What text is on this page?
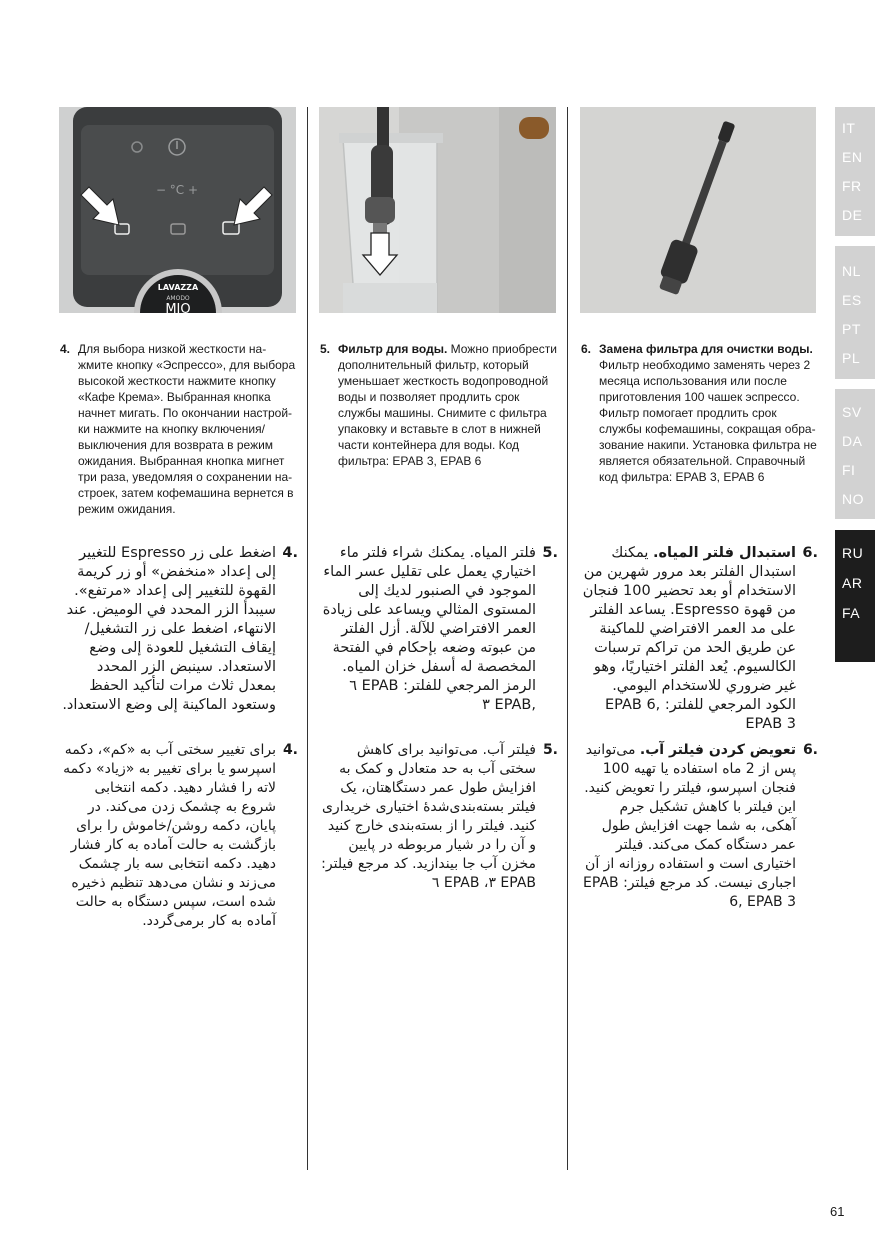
− °C +
LAVAZZA
AMODO
MIO
4. Для выбора низкой жесткости на-жмите кнопку «Эспрессо», для выбора высокой жесткости нажмите кнопку «Кафе Крема». Выбранная кнопка начнет мигать. По окончании настрой-ки нажмите на кнопку включения/ выключения для возврата в режим ожидания. Выбранная кнопка мигнет три раза, уведомляя о сохранении на-строек, затем кофемашина вернется в режим ожидания.
5. Фильтр для воды. Можно приобрести дополнительный фильтр, который уменьшает жесткость водопроводной воды и позволяет продлить срок службы машины. Снимите с фильтра упаковку и вставьте в слот в нижней части контейнера для воды. Код фильтра: EPAB 3, EPAB 6
6. Замена фильтра для очистки воды. Фильтр необходимо заменять через 2 месяца использования или после приготовления 100 чашек эспрессо. Фильтр помогает продлить срок службы кофемашины, сокращая обра-зование накипи. Установка фильтра не является обязательной. Справочный код фильтра: EPAB 3, EPAB 6
4.
اضغط على زر Espresso للتغيير إلى إعداد «منخفض» أو زر كريمة القهوة للتغيير إلى إعداد «مرتفع». سيبدأ الزر المحدد في الوميض. عند الانتهاء، اضغط على زر التشغيل/إيقاف التشغيل للعودة إلى وضع الاستعداد. سينبض الزر المحدد بمعدل ثلاث مرات لتأكيد الحفظ وستعود الماكينة إلى وضع الاستعداد.
5.
فلتر المياه. يمكنك شراء فلتر ماء اختياري يعمل على تقليل عسر الماء الموجود في الصنبور لديك إلى المستوى المثالي ويساعد على زيادة العمر الافتراضي للآلة. أزل الفلتر من عبوته وضعه بإحكام في الفتحة المخصصة له أسفل خزان المياه. الرمز المرجعي للفلتر: EPAB ٦ ,EPAB ٣
6.
استبدال فلتر المياه. يمكنك استبدال الفلتر بعد مرور شهرين من الاستخدام أو بعد تحضير 100 فنجان من قهوة Espresso. يساعد الفلتر على مد العمر الافتراضي للماكينة عن طريق الحد من تراكم ترسبات الكالسيوم. يُعد الفلتر اختياريًا، وهو غير ضروري للاستخدام اليومي. الكود المرجعي للفلتر: EPAB 6, EPAB 3
4.
برای تغییر سختی آب به «کم»، دکمه اسپرسو یا برای تغییر به «زیاد» دکمه لاته را فشار دهید. دکمه انتخابی شروع به چشمک زدن می‌کند. در پایان، دکمه روشن/خاموش را برای بازگشت به حالت آماده به کار فشار دهید. دکمه انتخابی سه بار چشمک می‌زند و نشان می‌دهد تنظیم ذخیره شده است، سپس دستگاه به حالت آماده به کار برمی‌گردد.
5.
فیلتر آب. می‌توانید برای کاهش سختی آب به حد متعادل و کمک به افزایش طول عمر دستگاهتان، یک فیلتر بسته‌بندی‌شدهٔ اختیاری خریداری کنید. فیلتر را از بسته‌بندی خارج کنید و آن را در شیار مربوطه در پایین مخزن آب جا بیندازید. کد مرجع فیلتر: EPAB ٣، EPAB ٦
6.
تعویض کردن فیلتر آب. می‌توانید پس از 2 ماه استفاده یا تهیه 100 فنجان اسپرسو، فیلتر را تعویض کنید. این فیلتر با کاهش تشکیل جرم آهکی، به شما جهت افزایش طول عمر دستگاه کمک می‌کند. فیلتر اختیاری است و استفاده روزانه از آن اجباری نیست. کد مرجع فیلتر: EPAB 6, EPAB 3
IT
EN
FR
DE
NL
ES
PT
PL
SV
DA
FI
NO
RU
AR
FA
61
